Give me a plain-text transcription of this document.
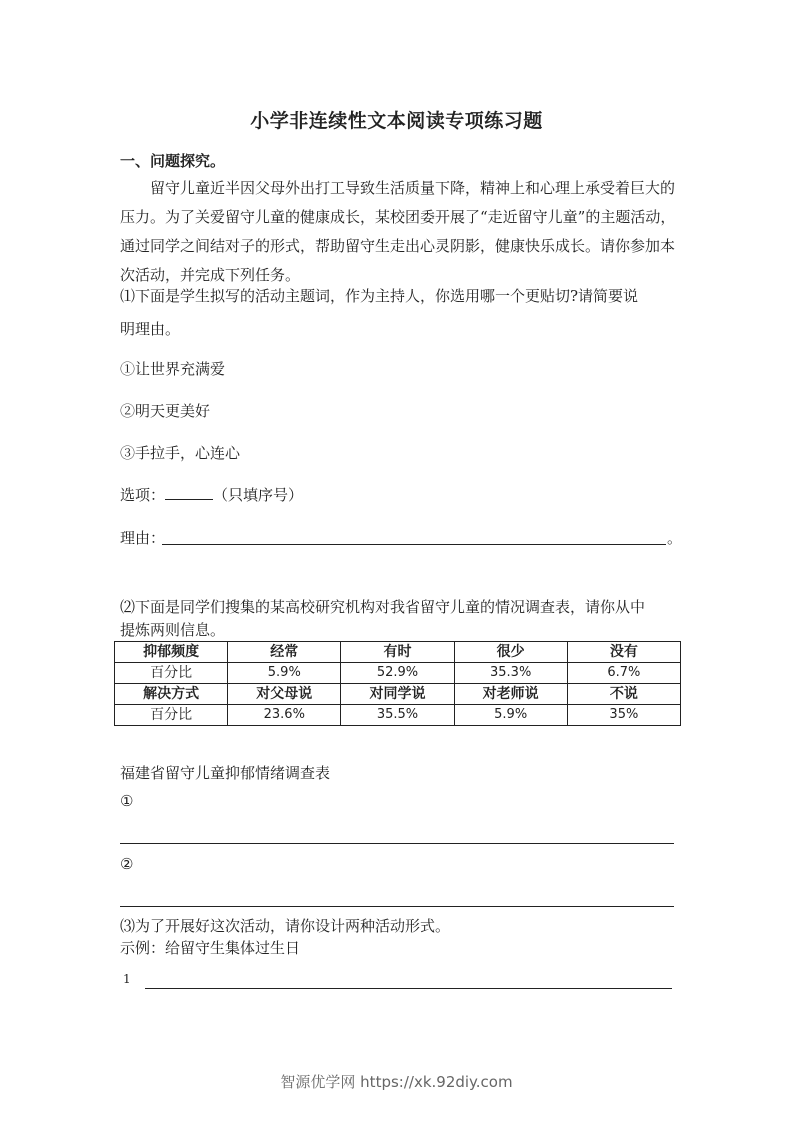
小学非连续性文本阅读专项练习题
一、问题探究。
留守儿童近半因父母外出打工导致生活质量下降，精神上和心理上承受着巨大的压力。为了关爱留守儿童的健康成长，某校团委开展了“走近留守儿童”的主题活动，通过同学之间结对子的形式，帮助留守生走出心灵阴影，健康快乐成长。请你参加本次活动，并完成下列任务。
⑴下面是学生拟写的活动主题词，作为主持人，你选用哪一个更贴切?请简要说
明理由。
①让世界充满爱
②明天更美好
③手拉手，心连心
选项：	（只填序号）
理由：	。
⑵下面是同学们搜集的某高校研究机构对我省留守儿童的情况调查表，请你从中
提炼两则信息。
抑郁频度	经常	有时	很少	没有
百分比	5.9%	52.9%	35.3%	6.7%
解决方式	对父母说	对同学说	对老师说	不说
百分比	23.6%	35.5%	5.9%	35%
福建省留守儿童抑郁情绪调查表
①
②
⑶为了开展好这次活动，请你设计两种活动形式。
示例：给留守生集体过生日
1
智源优学网 https://xk.92diy.com
